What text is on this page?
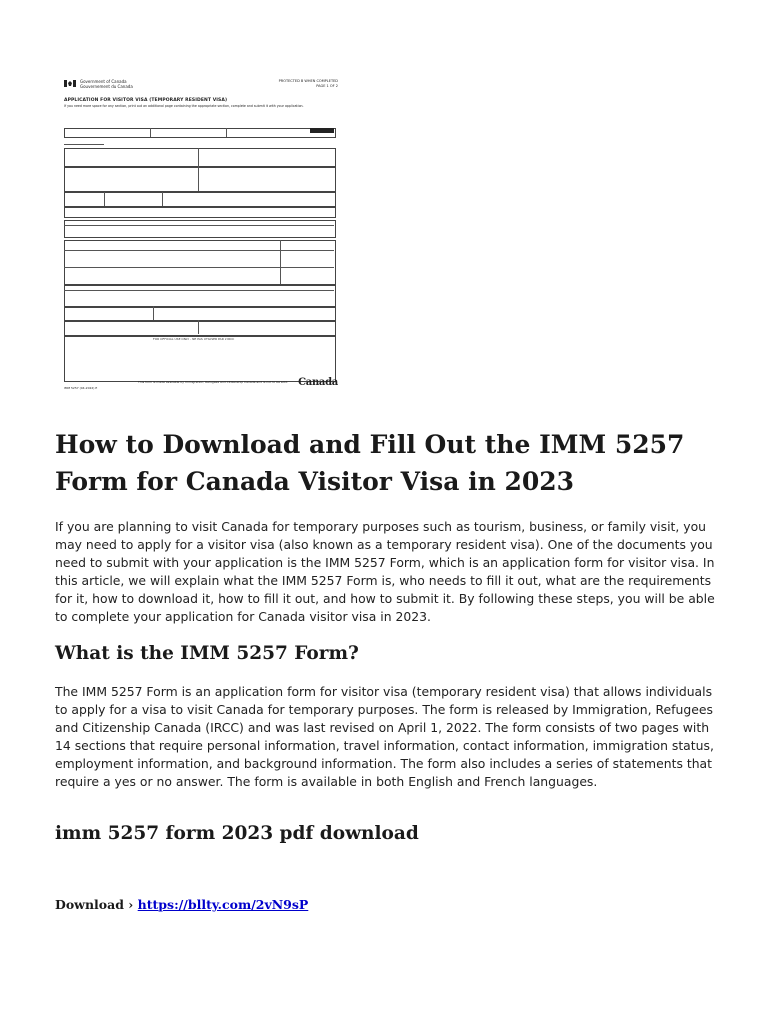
Government of Canada
Gouvernement du Canada
PROTECTED B WHEN COMPLETED
PAGE 1 OF 2
APPLICATION FOR VISITOR VISA (TEMPORARY RESIDENT VISA)
If you need more space for any section, print out an additional page containing the appropriate section, complete and submit it with your application.
FOR OFFICIAL USE ONLY - NE PAS UTILISER PAR L'IRCC
This form is made available by Immigration, Refugees and Citizenship Canada and is not to be sold.
IMM 5257 (04-2022) E	Canada
How to Download and Fill Out the IMM 5257 Form for Canada Visitor Visa in 2023

If you are planning to visit Canada for temporary purposes such as tourism, business, or family visit, you may need to apply for a visitor visa (also known as a temporary resident visa). One of the documents you need to submit with your application is the IMM 5257 Form, which is an application form for visitor visa. In this article, we will explain what the IMM 5257 Form is, who needs to fill it out, what are the requirements for it, how to download it, how to fill it out, and how to submit it. By following these steps, you will be able to complete your application for Canada visitor visa in 2023.

What is the IMM 5257 Form?

The IMM 5257 Form is an application form for visitor visa (temporary resident visa) that allows individuals to apply for a visa to visit Canada for temporary purposes. The form is released by Immigration, Refugees and Citizenship Canada (IRCC) and was last revised on April 1, 2022. The form consists of two pages with 14 sections that require personal information, travel information, contact information, immigration status, employment information, and background information. The form also includes a series of statements that require a yes or no answer. The form is available in both English and French languages.

imm 5257 form 2023 pdf download
Download › https://bllty.com/2vN9sP
